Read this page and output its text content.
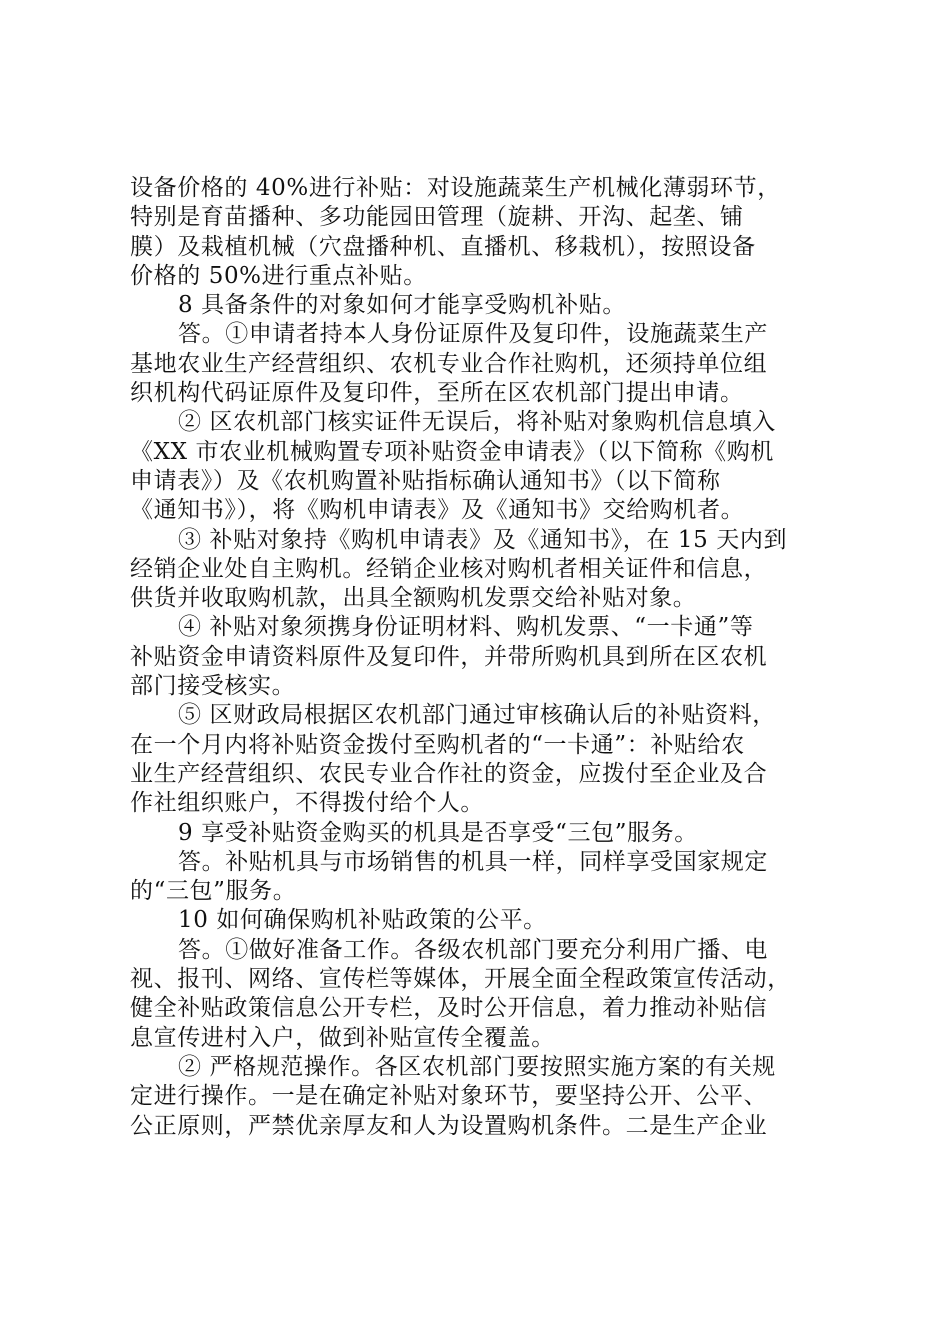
设备价格的 40%进行补贴：对设施蔬菜生产机械化薄弱环节，
特别是育苗播种、多功能园田管理（旋耕、开沟、起垄、铺
膜）及栽植机械（穴盘播种机、直播机、移栽机），按照设备
价格的 50%进行重点补贴。
8 具备条件的对象如何才能享受购机补贴。
答。①申请者持本人身份证原件及复印件，设施蔬菜生产
基地农业生产经营组织、农机专业合作社购机，还须持单位组
织机构代码证原件及复印件，至所在区农机部门提出申请。
② 区农机部门核实证件无误后，将补贴对象购机信息填入
《XX 市农业机械购置专项补贴资金申请表》（以下简称《购机
申请表》）及《农机购置补贴指标确认通知书》（以下简称
《通知书》），将《购机申请表》及《通知书》交给购机者。
③ 补贴对象持《购机申请表》及《通知书》，在 15 天内到
经销企业处自主购机。经销企业核对购机者相关证件和信息，
供货并收取购机款，出具全额购机发票交给补贴对象。
④ 补贴对象须携身份证明材料、购机发票、“一卡通”等
补贴资金申请资料原件及复印件，并带所购机具到所在区农机
部门接受核实。
⑤ 区财政局根据区农机部门通过审核确认后的补贴资料，
在一个月内将补贴资金拨付至购机者的“一卡通”：补贴给农
业生产经营组织、农民专业合作社的资金，应拨付至企业及合
作社组织账户，不得拨付给个人。
9 享受补贴资金购买的机具是否享受“三包”服务。
答。补贴机具与市场销售的机具一样，同样享受国家规定
的“三包”服务。
10 如何确保购机补贴政策的公平。
答。①做好准备工作。各级农机部门要充分利用广播、电
视、报刊、网络、宣传栏等媒体，开展全面全程政策宣传活动，
健全补贴政策信息公开专栏，及时公开信息，着力推动补贴信
息宣传进村入户，做到补贴宣传全覆盖。
② 严格规范操作。各区农机部门要按照实施方案的有关规
定进行操作。一是在确定补贴对象环节，要坚持公开、公平、
公正原则，严禁优亲厚友和人为设置购机条件。二是生产企业
